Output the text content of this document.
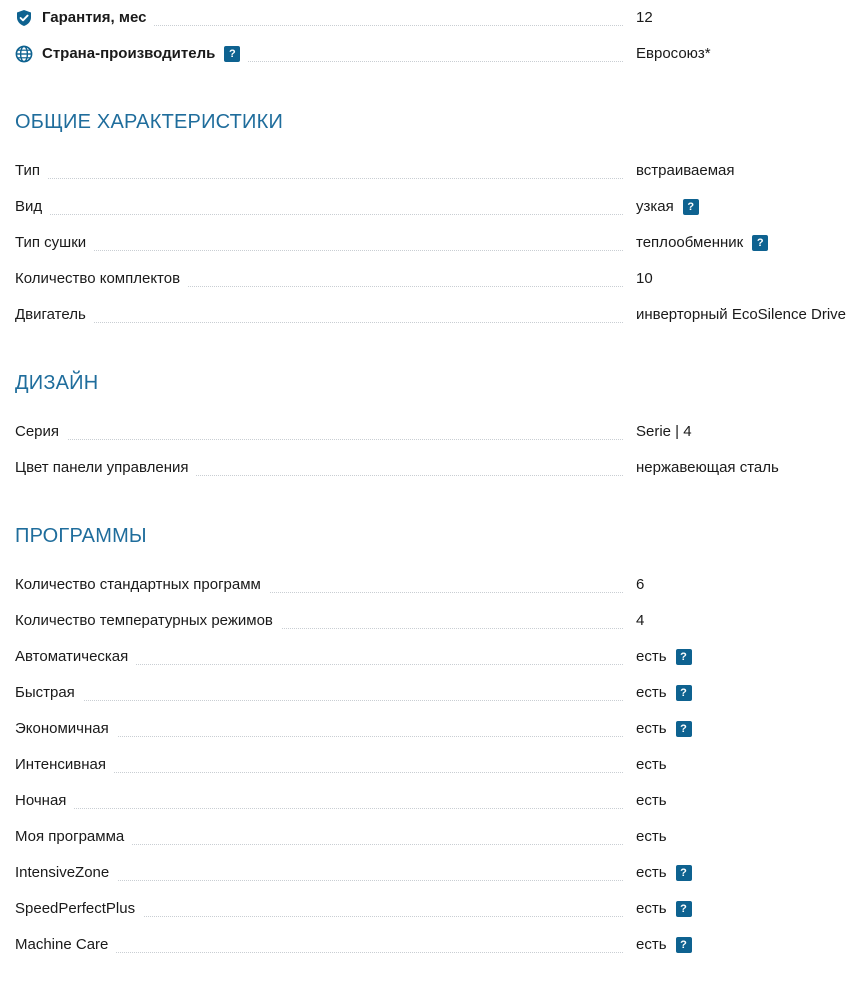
Гарантия, мес	12
Страна-производитель	?	Евросоюз*
ОБЩИЕ ХАРАКТЕРИСТИКИ
Тип	встраиваемая
Вид	узкая	?
Тип сушки	теплообменник	?
Количество комплектов	10
Двигатель	инверторный EcoSilence Drive
ДИЗАЙН
Серия	Serie | 4
Цвет панели управления	нержавеющая сталь
ПРОГРАММЫ
Количество стандартных программ	6
Количество температурных режимов	4
Автоматическая	есть	?
Быстрая	есть	?
Экономичная	есть	?
Интенсивная	есть
Ночная	есть
Моя программа	есть
IntensiveZone	есть	?
SpeedPerfectPlus	есть	?
Machine Care	есть	?
